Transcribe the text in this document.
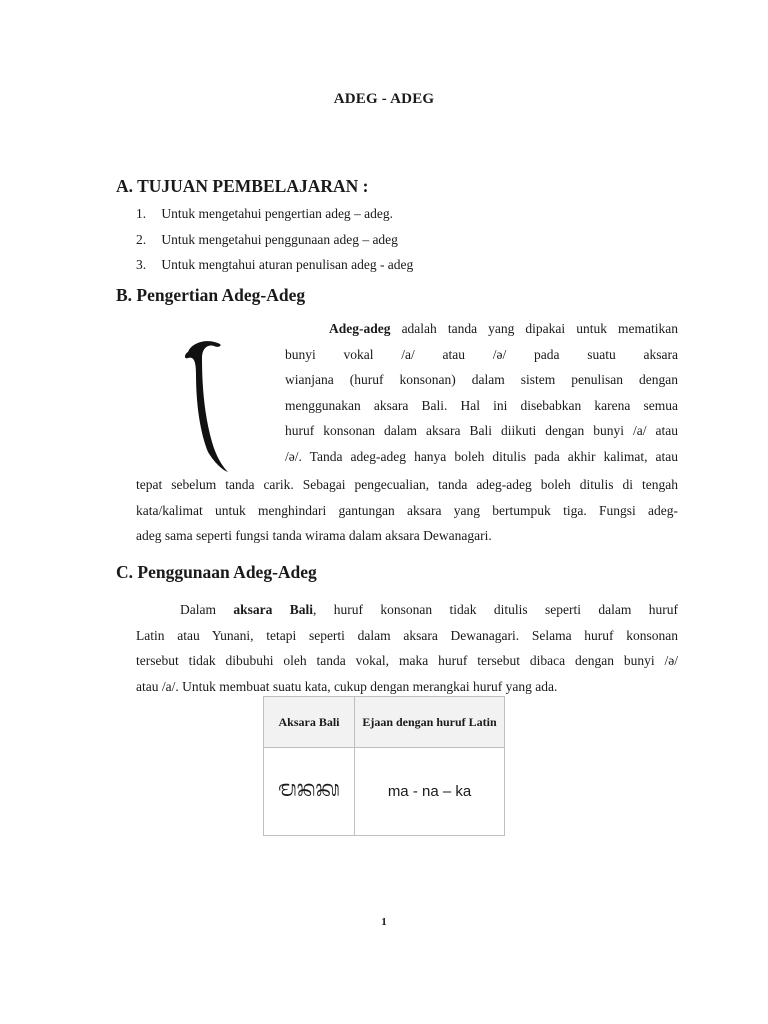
ADEG - ADEG
A. TUJUAN PEMBELAJARAN :
1. Untuk mengetahui pengertian adeg – adeg.
2. Untuk mengetahui penggunaan adeg – adeg
3. Untuk mengtahui aturan penulisan adeg - adeg
B. Pengertian Adeg-Adeg
Adeg-adeg adalah tanda yang dipakai untuk mematikan
bunyi vokal /a/ atau /ə/ pada suatu aksara
wianjana (huruf konsonan) dalam sistem penulisan dengan
menggunakan aksara Bali. Hal ini disebabkan karena semua
huruf konsonan dalam aksara Bali diikuti dengan bunyi /a/ atau
/ə/. Tanda adeg-adeg hanya boleh ditulis pada akhir kalimat, atau
tepat sebelum tanda carik. Sebagai pengecualian, tanda adeg-adeg boleh ditulis di tengah
kata/kalimat untuk menghindari gantungan aksara yang bertumpuk tiga. Fungsi adeg-
adeg sama seperti fungsi tanda wirama dalam aksara Dewanagari.
C. Penggunaan Adeg-Adeg
Dalam aksara Bali, huruf konsonan tidak ditulis seperti dalam huruf
Latin atau Yunani, tetapi seperti dalam aksara Dewanagari. Selama huruf konsonan
tersebut tidak dibubuhi oleh tanda vokal, maka huruf tersebut dibaca dengan bunyi /ə/
atau /a/. Untuk membuat suatu kata, cukup dengan merangkai huruf yang ada.
Aksara Bali	Ejaan dengan huruf Latin
ᬫᬦᬓ	ma - na – ka
1
